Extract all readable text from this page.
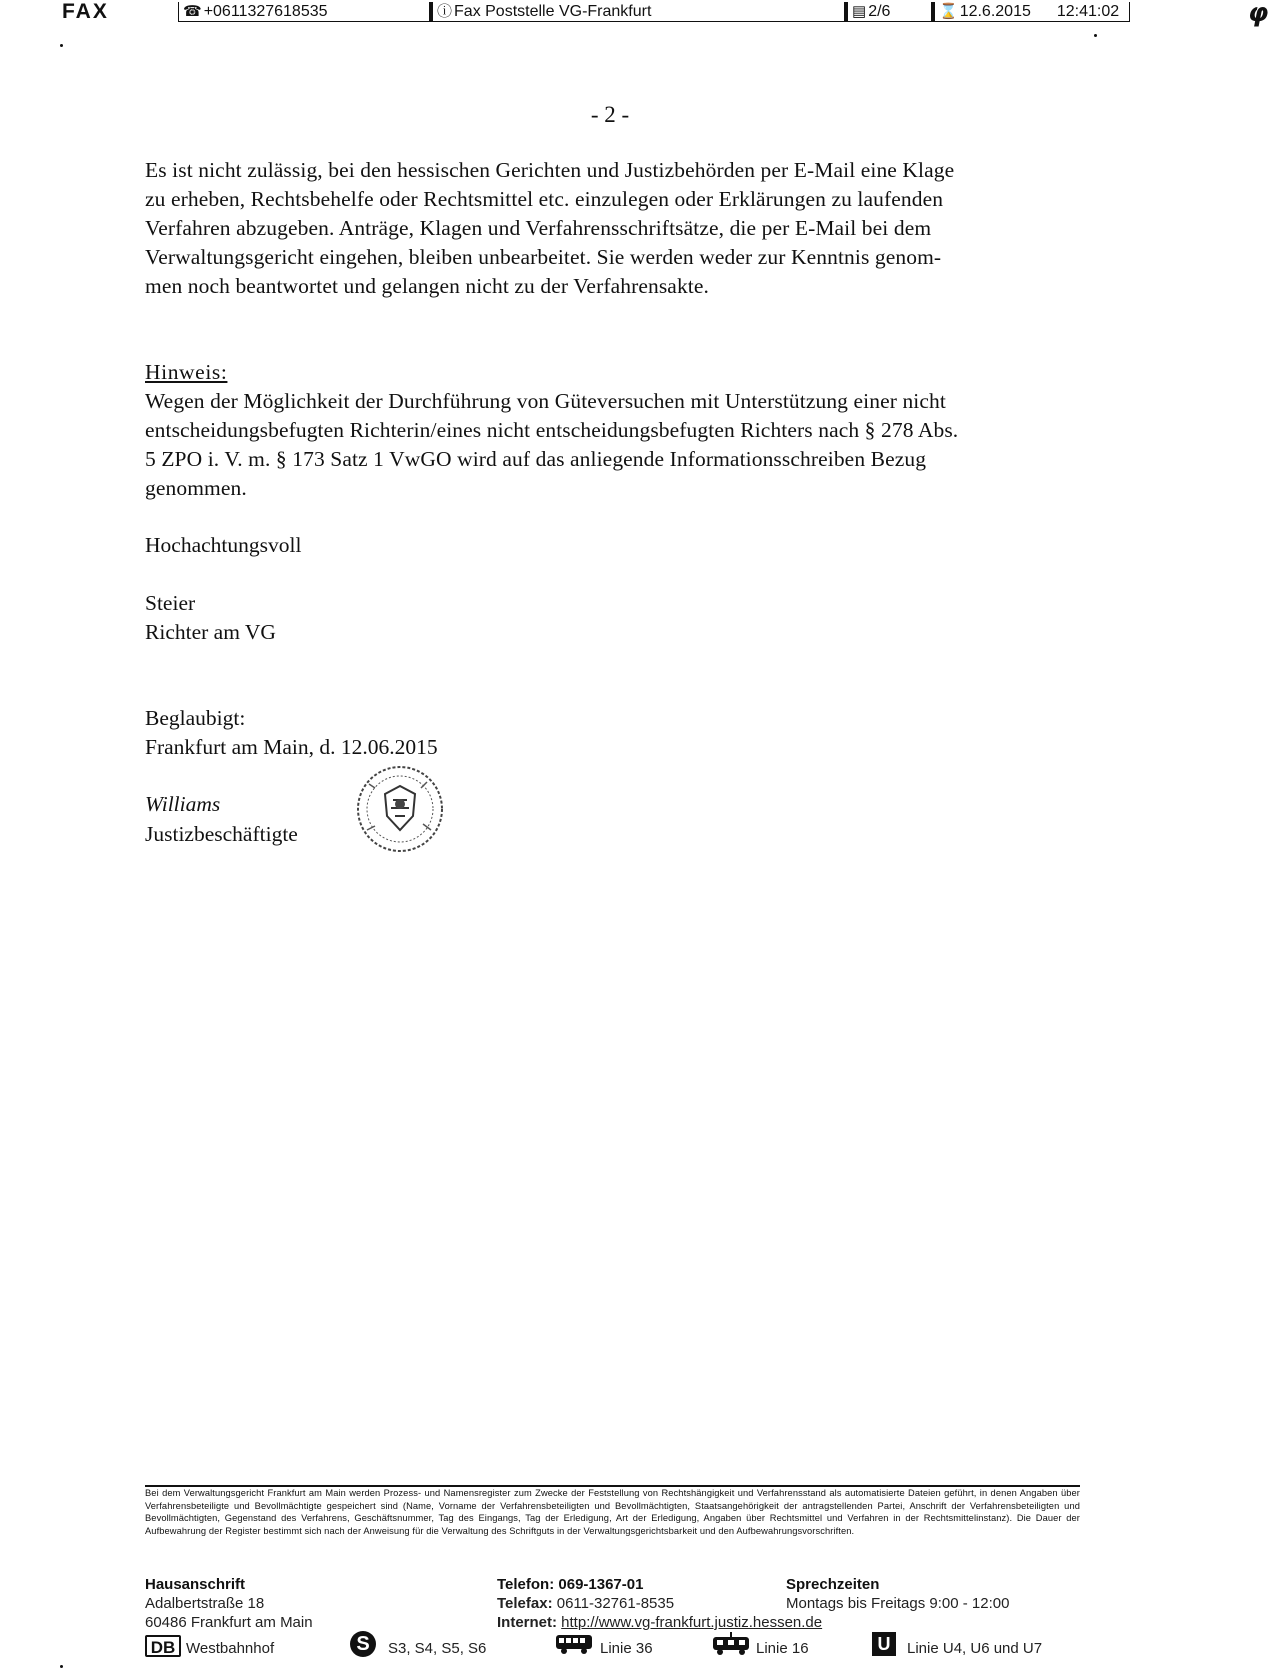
FAX	☎ +0611327618535	ⓘ Fax Poststelle VG-Frankfurt	▤ 2/6	⌛ 12.6.2015 12:41:02	φ
- 2 -

Es ist nicht zulässig, bei den hessischen Gerichten und Justizbehörden per E-Mail eine Klage

zu erheben, Rechtsbehelfe oder Rechtsmittel etc. einzulegen oder Erklärungen zu laufenden

Verfahren abzugeben. Anträge, Klagen und Verfahrensschriftsätze, die per E-Mail bei dem

Verwaltungsgericht eingehen, bleiben unbearbeitet. Sie werden weder zur Kenntnis genom-

men noch beantwortet und gelangen nicht zu der Verfahrensakte.

Hinweis:

Wegen der Möglichkeit der Durchführung von Güteversuchen mit Unterstützung einer nicht

entscheidungsbefugten Richterin/eines nicht entscheidungsbefugten Richters nach § 278 Abs.

5 ZPO i. V. m. § 173 Satz 1 VwGO wird auf das anliegende Informationsschreiben Bezug

genommen.

Hochachtungsvoll
Steier
Richter am VG
Beglaubigt:
Frankfurt am Main, d. 12.06.2015
Williams
Justizbeschäftigte
Bei dem Verwaltungsgericht Frankfurt am Main werden Prozess- und Namensregister zum Zwecke der Feststellung von Rechtshängigkeit und Verfahrensstand als automatisierte Dateien geführt, in denen Angaben über Verfahrensbeteiligte und Bevollmächtigte gespeichert sind (Name, Vorname der Verfahrensbeteiligten und Bevollmächtigten, Staatsangehörigkeit der antragstellenden Partei, Anschrift der Verfahrensbeteiligten und Bevollmächtigten, Gegenstand des Verfahrens, Geschäftsnummer, Tag des Eingangs, Tag der Erledigung, Art der Erledigung, Angaben über Rechtsmittel und Verfahren in der Rechtsmittelinstanz). Die Dauer der Aufbewahrung der Register bestimmt sich nach der Anweisung für die Verwaltung des Schriftguts in der Verwaltungsgerichtsbarkeit und den Aufbewahrungsvorschriften.
Hausanschrift
Adalbertstraße 18
60486 Frankfurt am Main
Telefon: 069-1367-01
Telefax: 0611-32761-8535
Internet: http://www.vg-frankfurt.justiz.hessen.de
Sprechzeiten
Montags bis Freitags 9:00 - 12:00
DB Westbahnhof	S	S3, S4, S5, S6	Linie 36	Linie 16	U	Linie U4, U6 und U7
